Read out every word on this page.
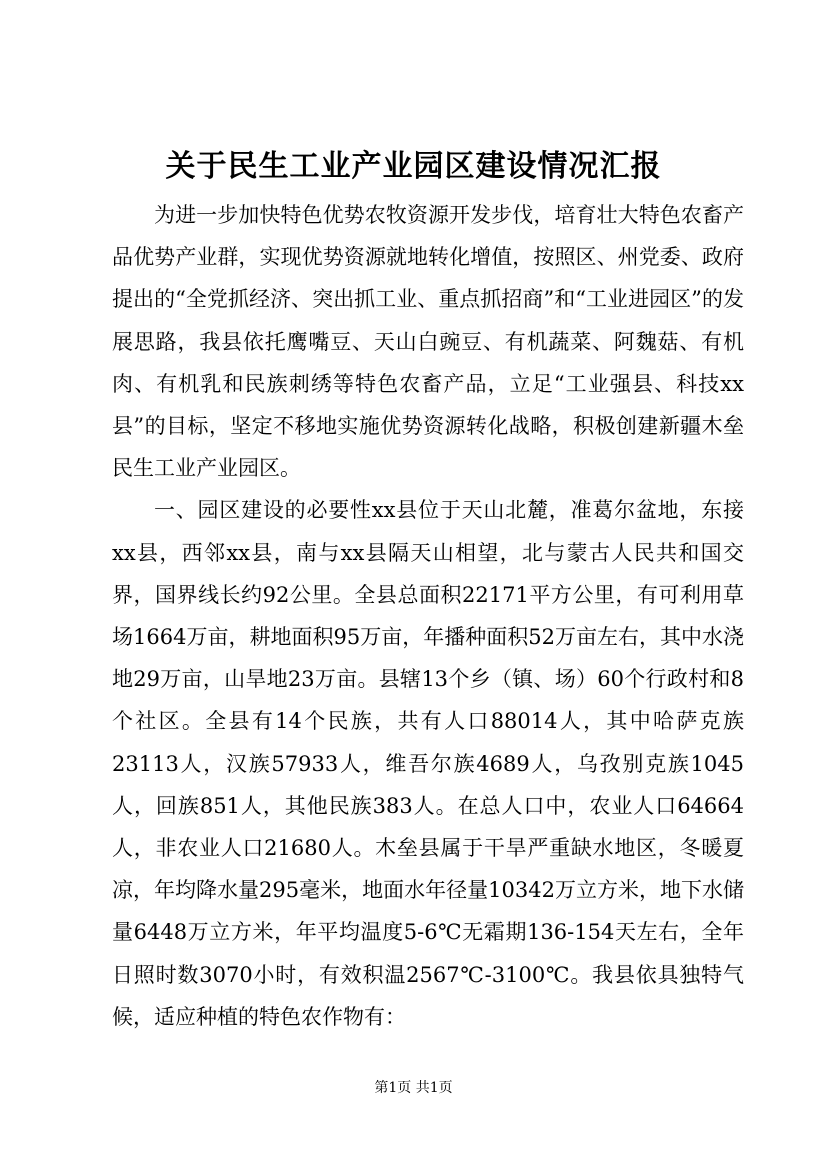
关于民生工业产业园区建设情况汇报

为进一步加快特色优势农牧资源开发步伐，培育壮大特色农畜产品优势产业群，实现优势资源就地转化增值，按照区、州党委、政府提出的“全党抓经济、突出抓工业、重点抓招商”和“工业进园区”的发展思路，我县依托鹰嘴豆、天山白豌豆、有机蔬菜、阿魏菇、有机肉、有机乳和民族刺绣等特色农畜产品，立足“工业强县、科技xx县”的目标，坚定不移地实施优势资源转化战略，积极创建新疆木垒民生工业产业园区。

一、园区建设的必要性xx县位于天山北麓，准葛尔盆地，东接xx县，西邻xx县，南与xx县隔天山相望，北与蒙古人民共和国交界，国界线长约92公里。全县总面积22171平方公里，有可利用草场1664万亩，耕地面积95万亩，年播种面积52万亩左右，其中水浇地29万亩，山旱地23万亩。县辖13个乡（镇、场）60个行政村和8个社区。全县有14个民族，共有人口88014人，其中哈萨克族23113人，汉族57933人，维吾尔族4689人，乌孜别克族1045人，回族851人，其他民族383人。在总人口中，农业人口64664人，非农业人口21680人。木垒县属于干旱严重缺水地区，冬暖夏凉，年均降水量295毫米，地面水年径量10342万立方米，地下水储量6448万立方米，年平均温度5-6℃无霜期136-154天左右，全年日照时数3070小时，有效积温2567℃-3100℃。我县依具独特气候，适应种植的特色农作物有：

第1页 共1页
